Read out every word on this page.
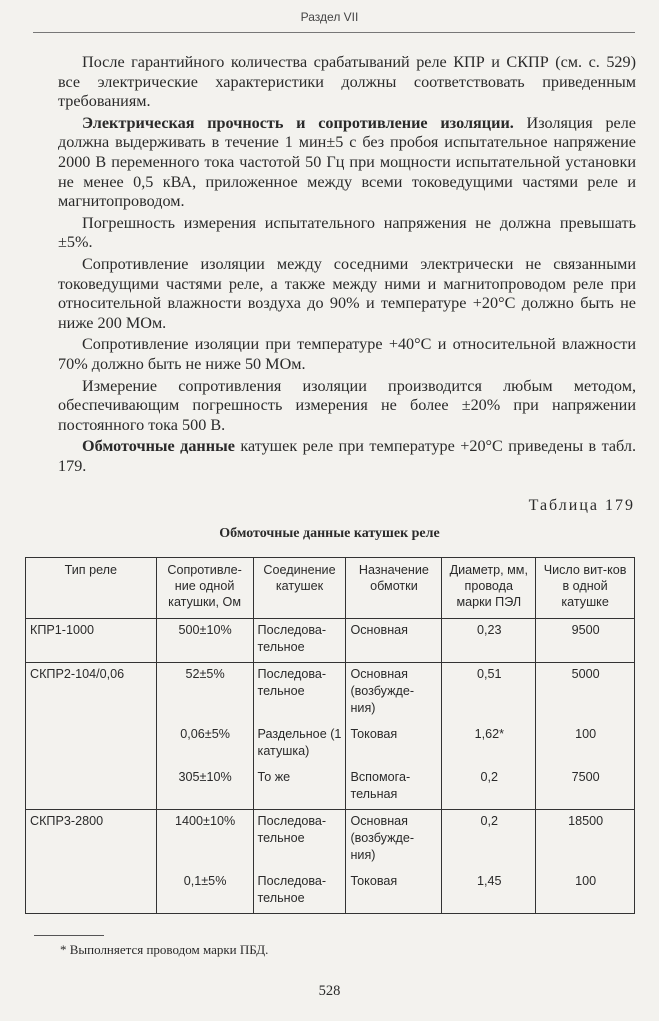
Раздел VII

После гарантийного количества срабатываний реле КПР и СКПР (см. с. 529) все электрические характеристики должны соответствовать приведенным требованиям.

Электрическая прочность и сопротивление изоляции. Изоляция реле должна выдерживать в течение 1 мин±5 с без пробоя испытательное напряжение 2000 В переменного тока частотой 50 Гц при мощности испытательной установки не менее 0,5 кВА, приложенное между всеми токоведущими частями реле и магнитопроводом.

Погрешность измерения испытательного напряжения не должна превышать ±5%.

Сопротивление изоляции между соседними электрически не связанными токоведущими частями реле, а также между ними и магнитопроводом реле при относительной влажности воздуха до 90% и температуре +20°С должно быть не ниже 200 МОм.

Сопротивление изоляции при температуре +40°С и относительной влажности 70% должно быть не ниже 50 МОм.

Измерение сопротивления изоляции производится любым методом, обеспечивающим погрешность измерения не более ±20% при напряжении постоянного тока 500 В.

Обмоточные данные катушек реле при температуре +20°С приведены в табл. 179.

Таблица 179
Обмоточные данные катушек реле
Тип реле	Сопротивле-ние одной катушки, Ом	Соединение катушек	Назначение обмотки	Диаметр, мм, провода марки ПЭЛ	Число вит-ков в одной катушке
КПР1-1000	500±10%	Последова-тельное	Основная	0,23	9500
СКПР2-104/0,06	52±5%	Последова-тельное	Основная (возбужде-ния)	0,51	5000
	0,06±5%	Раздельное (1 катушка)	Токовая	1,62*	100
	305±10%	То же	Вспомога-тельная	0,2	7500
СКПР3-2800	1400±10%	Последова-тельное	Основная (возбужде-ния)	0,2	18500
	0,1±5%	Последова-тельное	Токовая	1,45	100
* Выполняется проводом марки ПБД.
528
